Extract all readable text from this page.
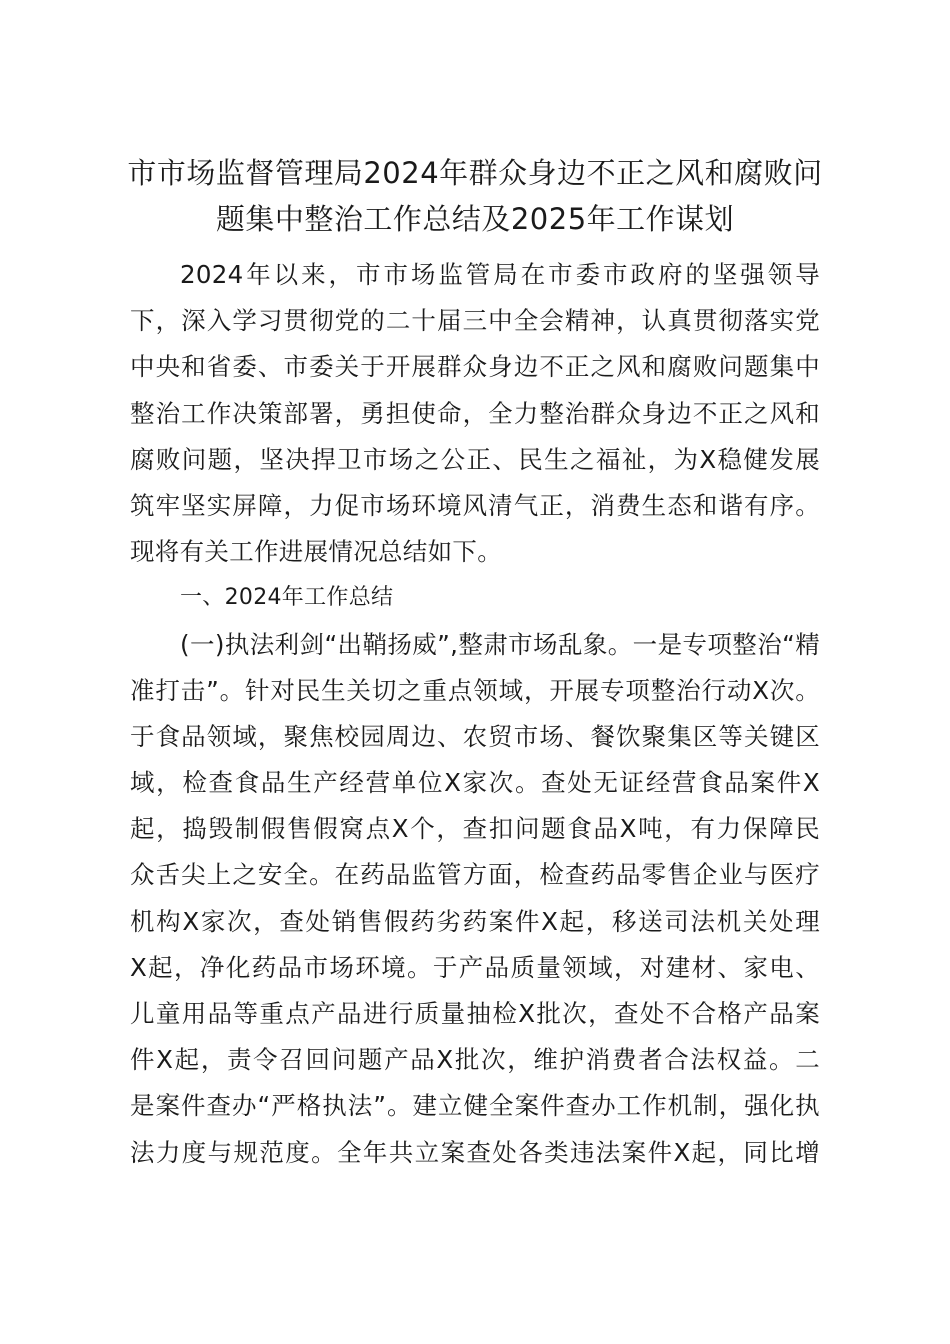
市市场监督管理局2024年群众身边不正之风和腐败问
题集中整治工作总结及2025年工作谋划
2024年以来，市市场监管局在市委市政府的坚强领导
下，深入学习贯彻党的二十届三中全会精神，认真贯彻落实党
中央和省委、市委关于开展群众身边不正之风和腐败问题集中
整治工作决策部署，勇担使命，全力整治群众身边不正之风和
腐败问题，坚决捍卫市场之公正、民生之福祉，为X稳健发展
筑牢坚实屏障，力促市场环境风清气正，消费生态和谐有序。
现将有关工作进展情况总结如下。
一、2024年工作总结
(一)执法利剑“出鞘扬威”,整肃市场乱象。一是专项整治“精
准打击”。针对民生关切之重点领域，开展专项整治行动X次。
于食品领域，聚焦校园周边、农贸市场、餐饮聚集区等关键区
域，检查食品生产经营单位X家次。查处无证经营食品案件X
起，捣毁制假售假窝点X个，查扣问题食品X吨，有力保障民
众舌尖上之安全。在药品监管方面，检查药品零售企业与医疗
机构X家次，查处销售假药劣药案件X起，移送司法机关处理
X起，净化药品市场环境。于产品质量领域，对建材、家电、
儿童用品等重点产品进行质量抽检X批次，查处不合格产品案
件X起，责令召回问题产品X批次，维护消费者合法权益。二
是案件查办“严格执法”。建立健全案件查办工作机制，强化执
法力度与规范度。全年共立案查处各类违法案件X起，同比增
